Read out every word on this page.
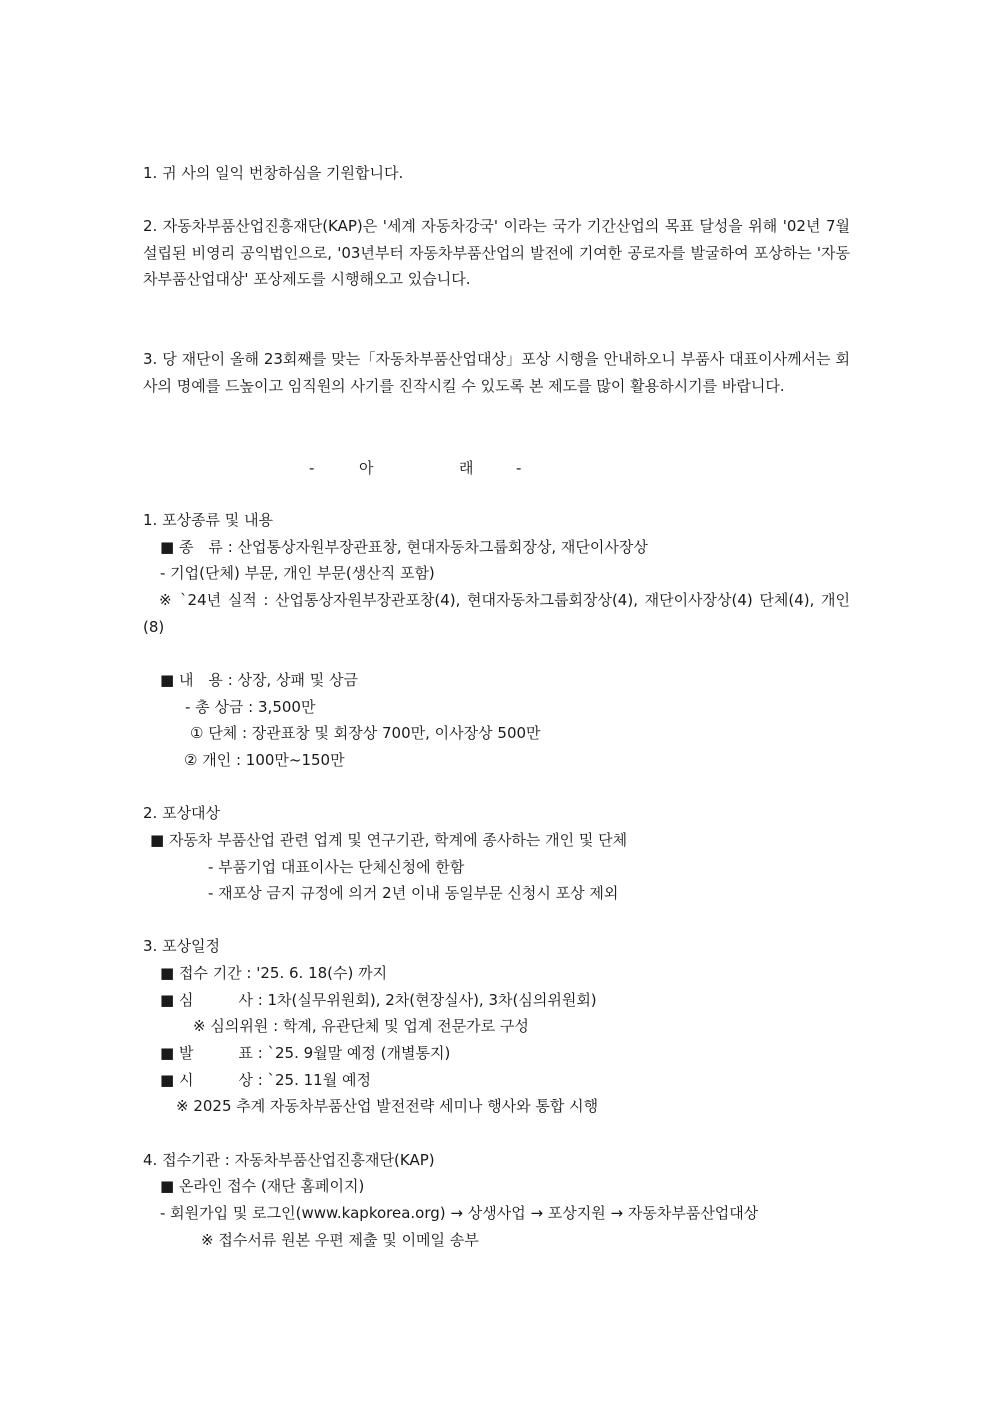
1. 귀 사의 일익 번창하심을 기원합니다.
2. 자동차부품산업진흥재단(KAP)은 '세계 자동차강국' 이라는 국가 기간산업의 목표 달성을 위해 '02년 7월 설립된 비영리 공익법인으로, '03년부터 자동차부품산업의 발전에 기여한 공로자를 발굴하여 포상하는 '자동차부품산업대상' 포상제도를 시행해오고 있습니다.
3. 당 재단이 올해 23회째를 맞는「자동차부품산업대상」포상 시행을 안내하오니 부품사 대표이사께서는 회사의 명예를 드높이고 임직원의 사기를 진작시킬 수 있도록 본 제도를 많이 활용하시기를 바랍니다.
-	아	래	-
1. 포상종류 및 내용
■ 종　류 : 산업통상자원부장관표창, 현대자동차그룹회장상, 재단이사장상
- 기업(단체) 부문, 개인 부문(생산직 포함)
※ `24년 실적 : 산업통상자원부장관포창(4), 현대자동차그룹회장상(4), 재단이사장상(4) 단체(4), 개인(8)
■ 내　용 : 상장, 상패 및 상금
- 총 상금 : 3,500만
① 단체 : 장관표창 및 회장상 700만, 이사장상 500만
② 개인 : 100만~150만
2. 포상대상
■ 자동차 부품산업 관련 업계 및 연구기관, 학계에 종사하는 개인 및 단체
- 부품기업 대표이사는 단체신청에 한함
- 재포상 금지 규정에 의거 2년 이내 동일부문 신청시 포상 제외
3. 포상일정
■ 접수 기간 : '25. 6. 18(수) 까지
■ 심　　　사 : 1차(실무위원회), 2차(현장실사), 3차(심의위원회)
※ 심의위원 : 학계, 유관단체 및 업계 전문가로 구성
■ 발　　　표 : `25. 9월말 예정 (개별통지)
■ 시　　　상 : `25. 11월 예정
※ 2025 추계 자동차부품산업 발전전략 세미나 행사와 통합 시행
4. 접수기관 : 자동차부품산업진흥재단(KAP)
■ 온라인 접수 (재단 홈페이지)
- 회원가입 및 로그인(www.kapkorea.org) → 상생사업 → 포상지원 → 자동차부품산업대상
※ 접수서류 원본 우편 제출 및 이메일 송부
